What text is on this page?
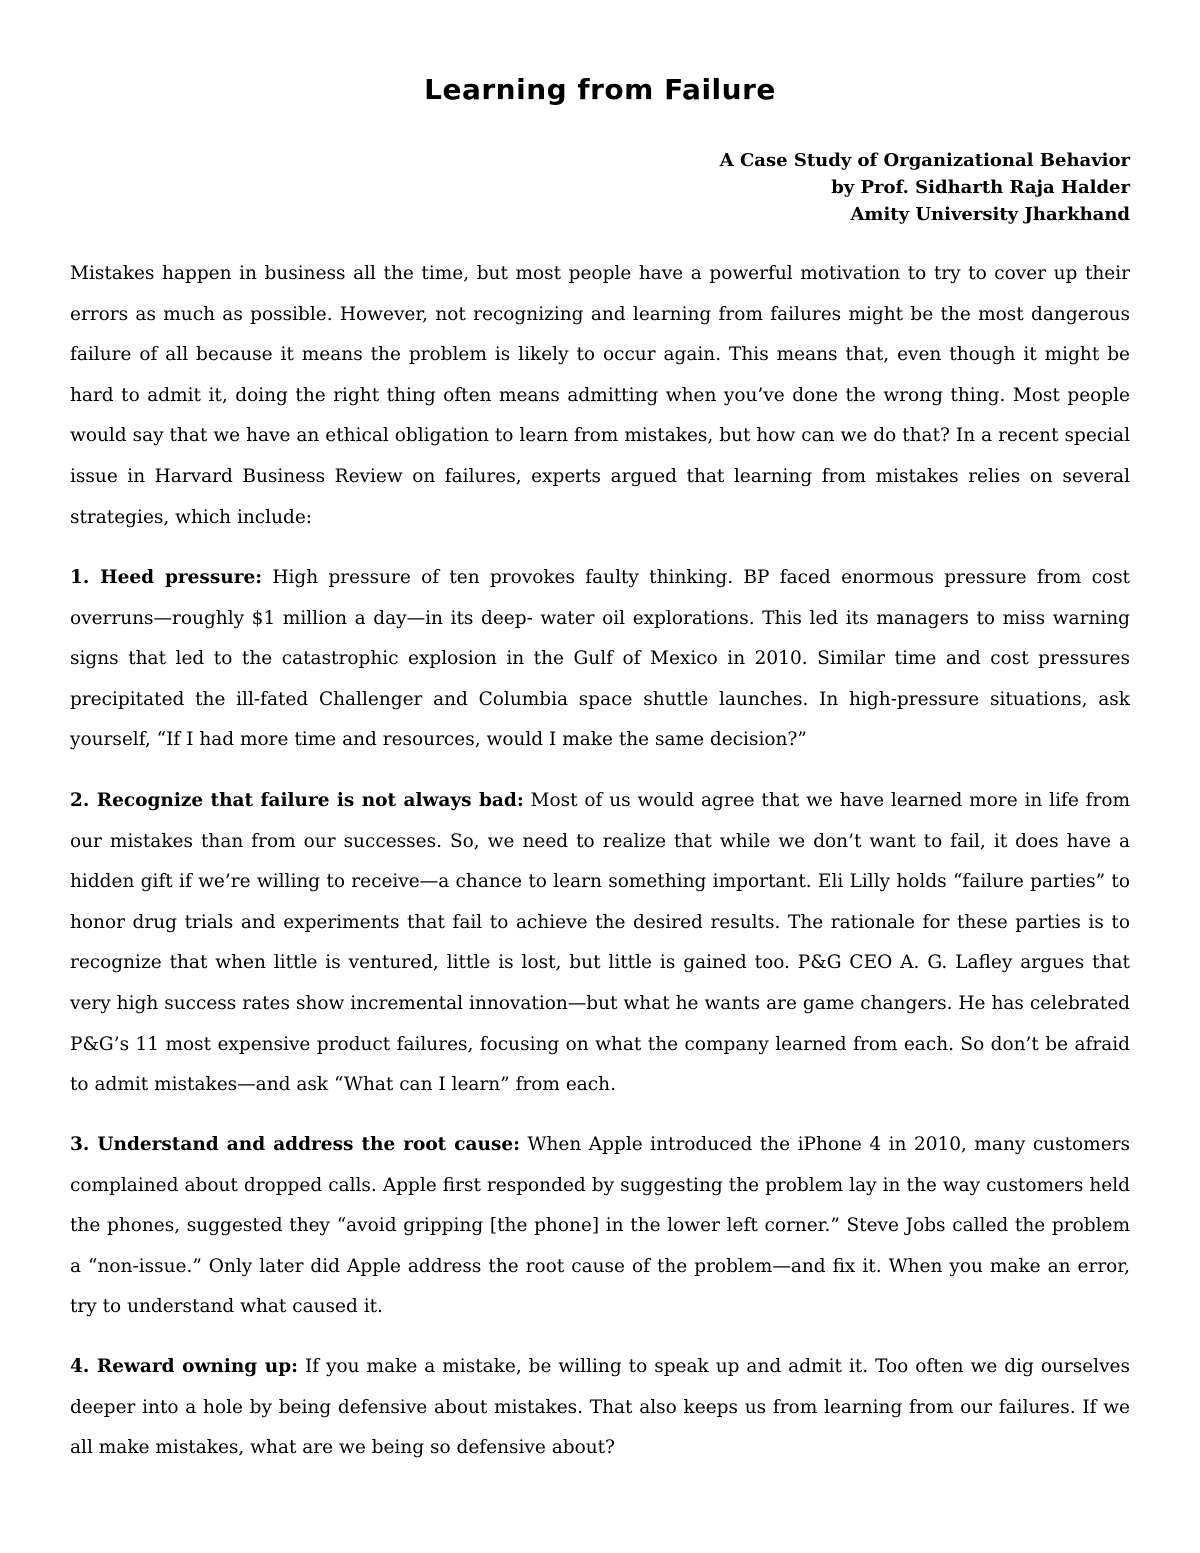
Learning from Failure
A Case Study of Organizational Behavior
by Prof. Sidharth Raja Halder
Amity University Jharkhand

Mistakes happen in business all the time, but most people have a powerful motivation to try to cover up their errors as much as possible. However, not recognizing and learning from failures might be the most dangerous failure of all because it means the problem is likely to occur again. This means that, even though it might be hard to admit it, doing the right thing often means admitting when you’ve done the wrong thing. Most people would say that we have an ethical obligation to learn from mistakes, but how can we do that? In a recent special issue in Harvard Business Review on failures, experts argued that learning from mistakes relies on several strategies, which include:

1. Heed pressure: High pressure of ten provokes faulty thinking. BP faced enormous pressure from cost overruns—roughly $1 million a day—in its deep- water oil explorations. This led its managers to miss warning signs that led to the catastrophic explosion in the Gulf of Mexico in 2010. Similar time and cost pressures precipitated the ill-fated Challenger and Columbia space shuttle launches. In high-pressure situations, ask yourself, “If I had more time and resources, would I make the same decision?”

2. Recognize that failure is not always bad: Most of us would agree that we have learned more in life from our mistakes than from our successes. So, we need to realize that while we don’t want to fail, it does have a hidden gift if we’re willing to receive—a chance to learn something important. Eli Lilly holds “failure parties” to honor drug trials and experiments that fail to achieve the desired results. The rationale for these parties is to recognize that when little is ventured, little is lost, but little is gained too. P&G CEO A. G. Lafley argues that very high success rates show incremental innovation—but what he wants are game changers. He has celebrated P&G’s 11 most expensive product failures, focusing on what the company learned from each. So don’t be afraid to admit mistakes—and ask “What can I learn” from each.

3. Understand and address the root cause: When Apple introduced the iPhone 4 in 2010, many customers complained about dropped calls. Apple first responded by suggesting the problem lay in the way customers held the phones, suggested they “avoid gripping [the phone] in the lower left corner.” Steve Jobs called the problem a “non-issue.” Only later did Apple address the root cause of the problem—and fix it. When you make an error, try to understand what caused it.

4. Reward owning up: If you make a mistake, be willing to speak up and admit it. Too often we dig ourselves deeper into a hole by being defensive about mistakes. That also keeps us from learning from our failures. If we all make mistakes, what are we being so defensive about?
